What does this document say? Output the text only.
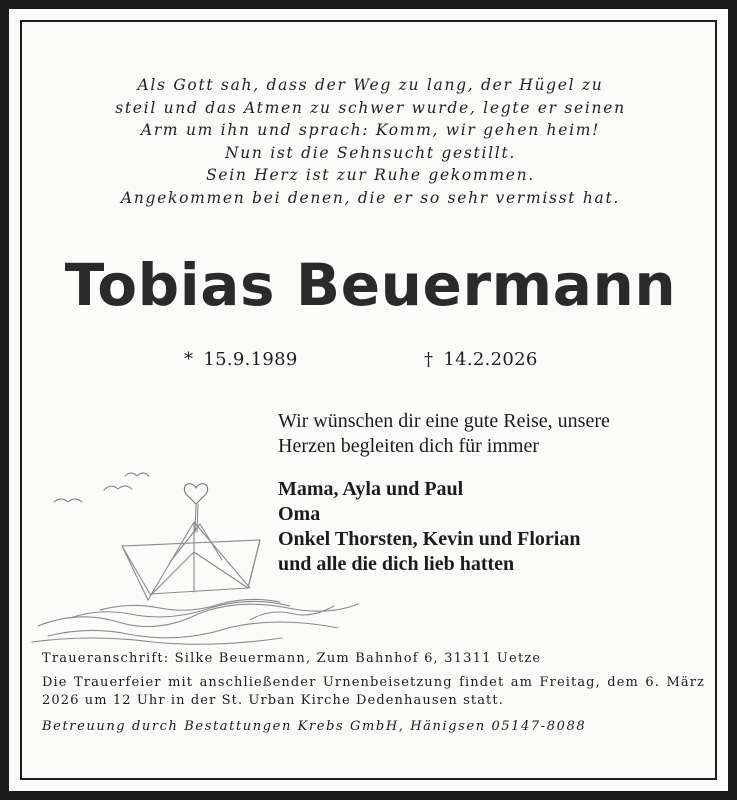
Als Gott sah, dass der Weg zu lang, der Hügel zu
steil und das Atmen zu schwer wurde, legte er seinen
Arm um ihn und sprach: Komm, wir gehen heim!
Nun ist die Sehnsucht gestillt.
Sein Herz ist zur Ruhe gekommen.
Angekommen bei denen, die er so sehr vermisst hat.
Tobias Beuermann
* 15.9.1989	† 14.2.2026
Wir wünschen dir eine gute Reise, unsere
Herzen begleiten dich für immer
Mama, Ayla und Paul
Oma
Onkel Thorsten, Kevin und Florian
und alle die dich lieb hatten
Traueranschrift: Silke Beuermann, Zum Bahnhof 6, 31311 Uetze
Die Trauerfeier mit anschließender Urnenbeisetzung findet am Freitag, dem 6. März 2026 um 12 Uhr in der St. Urban Kirche Dedenhausen statt.
Betreuung durch Bestattungen Krebs GmbH, Hänigsen 05147-8088
